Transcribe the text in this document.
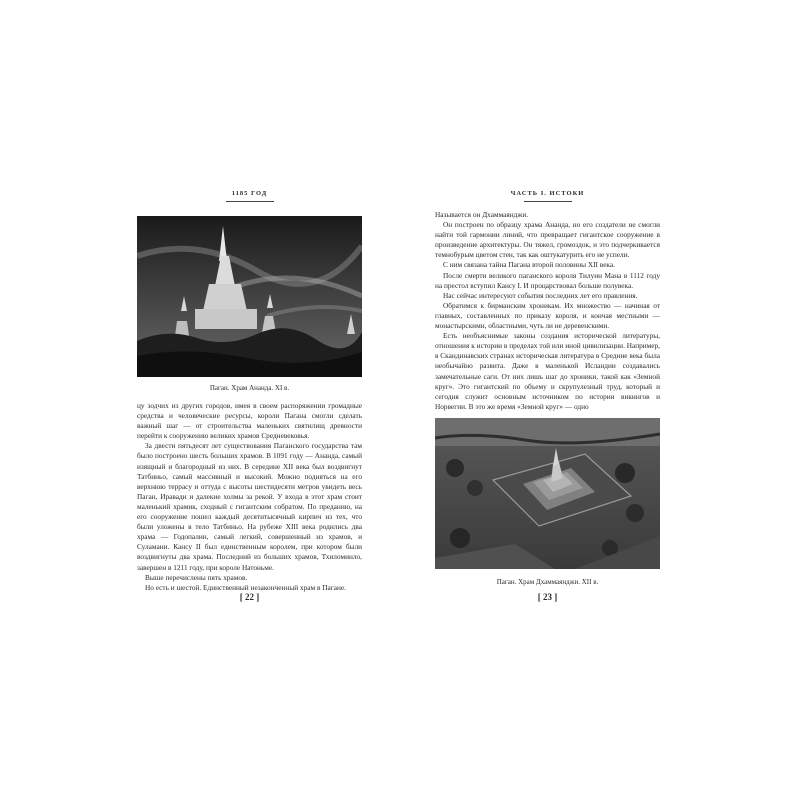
1185 ГОД
Паган. Храм Ананда. XI в.

цу зодчих из других городов, имея в своем распоряжении громадные средства и человеческие ресурсы, короли Пагана смогли сделать важный шаг — от строительства маленьких святилищ древности перейти к сооружению великих храмов Средневековья.

За двести пятьдесят лет существования Паганского государства там было построено шесть больших храмов. В 1091 году — Ананда, самый изящный и благородный из них. В середине XII века был воздвигнут Татбиньо, самый массивный и высокий. Можно подняться на его верхнюю террасу и оттуда с высоты шестидесяти метров увидеть весь Паган, Иравади и далекие холмы за рекой. У входа в этот храм стоит маленький храмик, сходный с гигантским собратом. По преданию, на его сооружение пошел каждый десятитысячный кирпич из тех, что были уложены в тело Татбиньо. На рубеже XIII века родились два храма — Годопалин, самый легкий, совершенный из храмов, и Суламани. Кансу II был единственным королем, при котором были воздвигнуты два храма. Последний из больших храмов, Тхиломинло, завершен в 1211 году, при короле Натоньме.

Выше перечислены пять храмов.

Но есть и шестой. Единственный незаконченный храм в Пагане.

[ 22 ]
ЧАСТЬ I. ИСТОКИ

Называется он Дхаммаянджи.

Он построен по образцу храма Ананда, но его создатели не смогли найти той гармонии линий, что превращает гигантское сооружение в произведение архитектуры. Он тяжел, громоздок, и это подчеркивается темнобурым цветом стен, так как оштукатурить его не успели.

С ним связана тайна Пагана второй половины XII века.

После смерти великого паганского короля Тилуин Мана в 1112 году на престол вступил Кансу I. И процарствовал больше полувека.

Нас сейчас интересуют события последних лет его правления.

Обратимся к бирманским хроникам. Их множество — начиная от главных, составленных по приказу короля, и кончая местными — монастырскими, областными, чуть ли не деревенскими.

Есть необъяснимые законы создания исторической литературы, отношения к истории в пределах той или иной цивилизации. Например, в Скандинавских странах историческая литература в Средние века была необычайно развита. Даже в маленькой Исландии создавались замечательные саги. От них лишь шаг до хроники, такой как «Земной круг». Это гигантский по объему и скрупулезный труд, который и сегодня служит основным источником по истории викингов и Норвегии. В это же время «Земной круг» — одно

Паган. Храм Дхаммаянджи. XII в.
[ 23 ]
